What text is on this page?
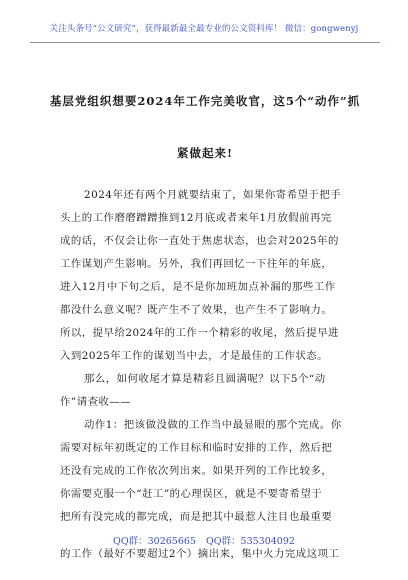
关注头条号“公文研究”，获得最新最全最专业的公文资料库！ 微信：gongwenyj
基层党组织想要2024年工作完美收官，这5个“动作”抓
紧做起来!
2024年还有两个月就要结束了，如果你寄希望于把手
头上的工作磨磨蹭蹭推到12月底或者来年1月放假前再完
成的话，不仅会让你一直处于焦虑状态，也会对2025年的
工作谋划产生影响。另外，我们再回忆一下往年的年底，
进入12月中下旬之后，是不是你加班加点补漏的那些工作
都没什么意义呢？既产生不了效果，也产生不了影响力。
所以，提早给2024年的工作一个精彩的收尾，然后提早进
入到2025年工作的谋划当中去，才是最佳的工作状态。
那么，如何收尾才算是精彩且圆满呢？以下5个“动
作”请查收——
动作1：把该做没做的工作当中最显眼的那个完成。你
需要对标年初既定的工作目标和临时安排的工作，然后把
还没有完成的工作依次列出来。如果开列的工作比较多，
你需要克服一个“赶工”的心理误区，就是不要寄希望于
把所有没完成的都完成，而是把其中最惹人注目也最重要
的工作（最好不要超过2个）摘出来，集中火力完成这项工
QQ群：30265665 QQ群：535304092
